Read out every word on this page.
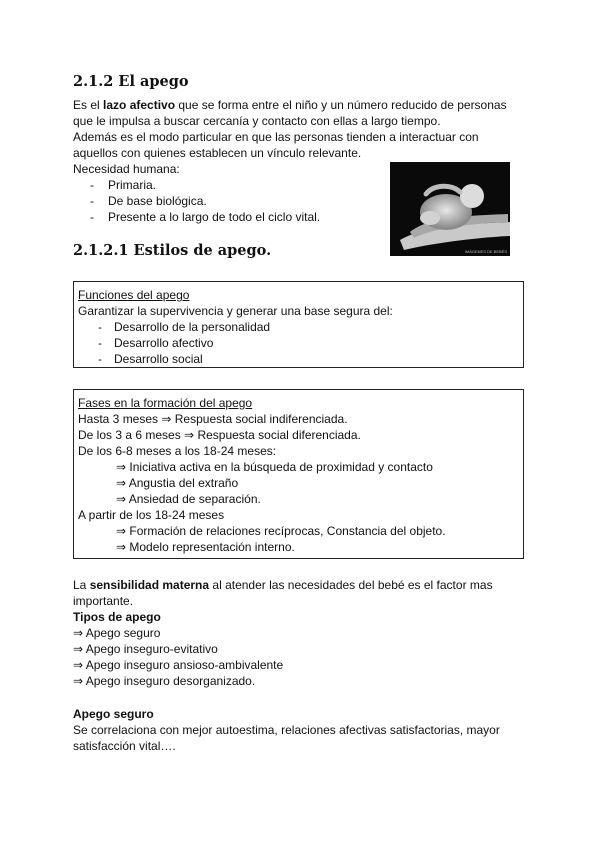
2.1.2 El apego
Es el lazo afectivo que se forma entre el niño y un número reducido de personas que le impulsa a buscar cercanía y contacto con ellas a largo tiempo.
Además es el modo particular en que las personas tienden a interactuar con aquellos con quienes establecen un vínculo relevante.
Necesidad humana:
- Primaria.
- De base biológica.
- Presente a lo largo de todo el ciclo vital.
IMÁGENES DE BEBÉS
2.1.2.1 Estilos de apego.
Funciones del apego
Garantizar la supervivencia y generar una base segura del:
- Desarrollo de la personalidad
- Desarrollo afectivo
- Desarrollo social
Fases en la formación del apego
Hasta 3 meses ⇒ Respuesta social indiferenciada.
De los 3 a 6 meses ⇒ Respuesta social diferenciada.
De los 6-8 meses a los 18-24 meses:
⇒ Iniciativa activa en la búsqueda de proximidad y contacto
⇒ Angustia del extraño
⇒ Ansiedad de separación.
A partir de los 18-24 meses
⇒ Formación de relaciones recíprocas, Constancia del objeto.
⇒ Modelo representación interno.
La sensibilidad materna al atender las necesidades del bebé es el factor mas importante.
Tipos de apego
⇒ Apego seguro
⇒ Apego inseguro-evitativo
⇒ Apego inseguro ansioso-ambivalente
⇒ Apego inseguro desorganizado.
Apego seguro
Se correlaciona con mejor autoestima, relaciones afectivas satisfactorias, mayor satisfacción vital….
